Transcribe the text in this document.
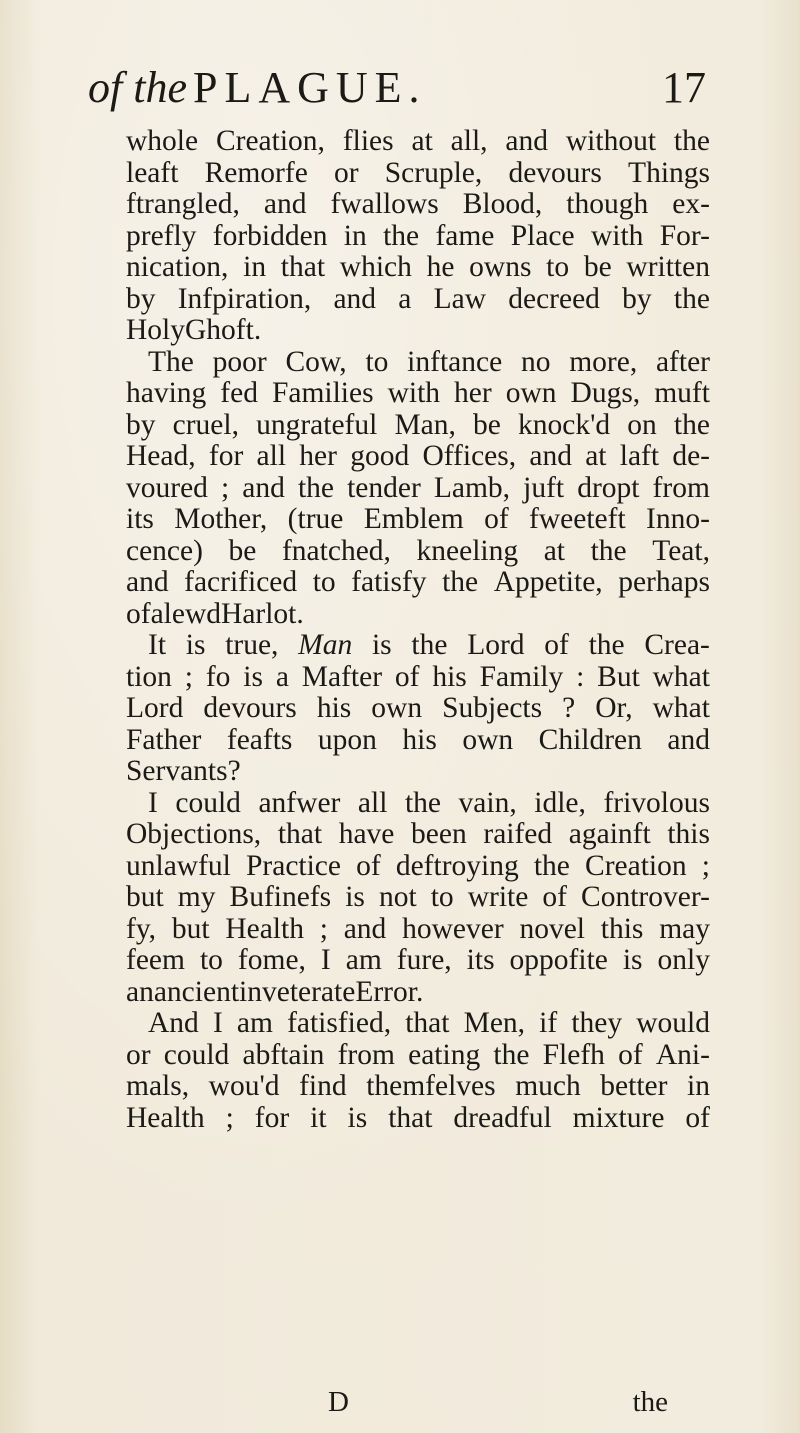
of the PLAGUE.	17
whole Creation, flies at all, and without the
leaft Remorfe or Scruple, devours Things
ftrangled, and fwallows Blood, though ex-
prefly forbidden in the fame Place with For-
nication, in that which he owns to be written
by Infpiration, and a Law decreed by the
Holy Ghoft.
The poor Cow, to inftance no more, after
having fed Families with her own Dugs, muft
by cruel, ungrateful Man, be knock'd on the
Head, for all her good Offices, and at laft de-
voured ; and the tender Lamb, juft dropt from
its Mother, (true Emblem of fweeteft Inno-
cence) be fnatched, kneeling at the Teat,
and facrificed to fatisfy the Appetite, perhaps
of a lewd Harlot.
It is true, Man is the Lord of the Crea-
tion ; fo is a Mafter of his Family : But what
Lord devours his own Subjects ? Or, what
Father feafts upon his own Children and
Servants ?
I could anfwer all the vain, idle, frivolous
Objections, that have been raifed againft this
unlawful Practice of deftroying the Creation ;
but my Bufinefs is not to write of Controver-
fy, but Health ; and however novel this may
feem to fome, I am fure, its oppofite is only
an ancient inveterate Error.
And I am fatisfied, that Men, if they would
or could abftain from eating the Flefh of Ani-
mals, wou'd find themfelves much better in
Health ; for it is that dreadful mixture of
D	the
